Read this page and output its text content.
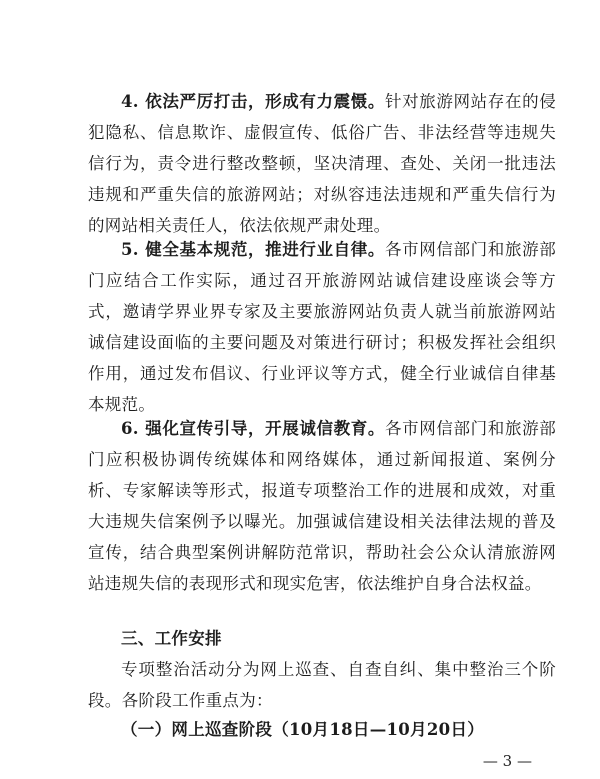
4. 依法严厉打击，形成有力震慑。针对旅游网站存在的侵犯隐私、信息欺诈、虚假宣传、低俗广告、非法经营等违规失信行为，责令进行整改整顿，坚决清理、查处、关闭一批违法违规和严重失信的旅游网站；对纵容违法违规和严重失信行为的网站相关责任人，依法依规严肃处理。

5. 健全基本规范，推进行业自律。各市网信部门和旅游部门应结合工作实际，通过召开旅游网站诚信建设座谈会等方式，邀请学界业界专家及主要旅游网站负责人就当前旅游网站诚信建设面临的主要问题及对策进行研讨；积极发挥社会组织作用，通过发布倡议、行业评议等方式，健全行业诚信自律基本规范。

6. 强化宣传引导，开展诚信教育。各市网信部门和旅游部门应积极协调传统媒体和网络媒体，通过新闻报道、案例分析、专家解读等形式，报道专项整治工作的进展和成效，对重大违规失信案例予以曝光。加强诚信建设相关法律法规的普及宣传，结合典型案例讲解防范常识，帮助社会公众认清旅游网站违规失信的表现形式和现实危害，依法维护自身合法权益。

三、工作安排

专项整治活动分为网上巡查、自查自纠、集中整治三个阶段。各阶段工作重点为：

（一）网上巡查阶段（10月18日—10月20日）

— 3 —
